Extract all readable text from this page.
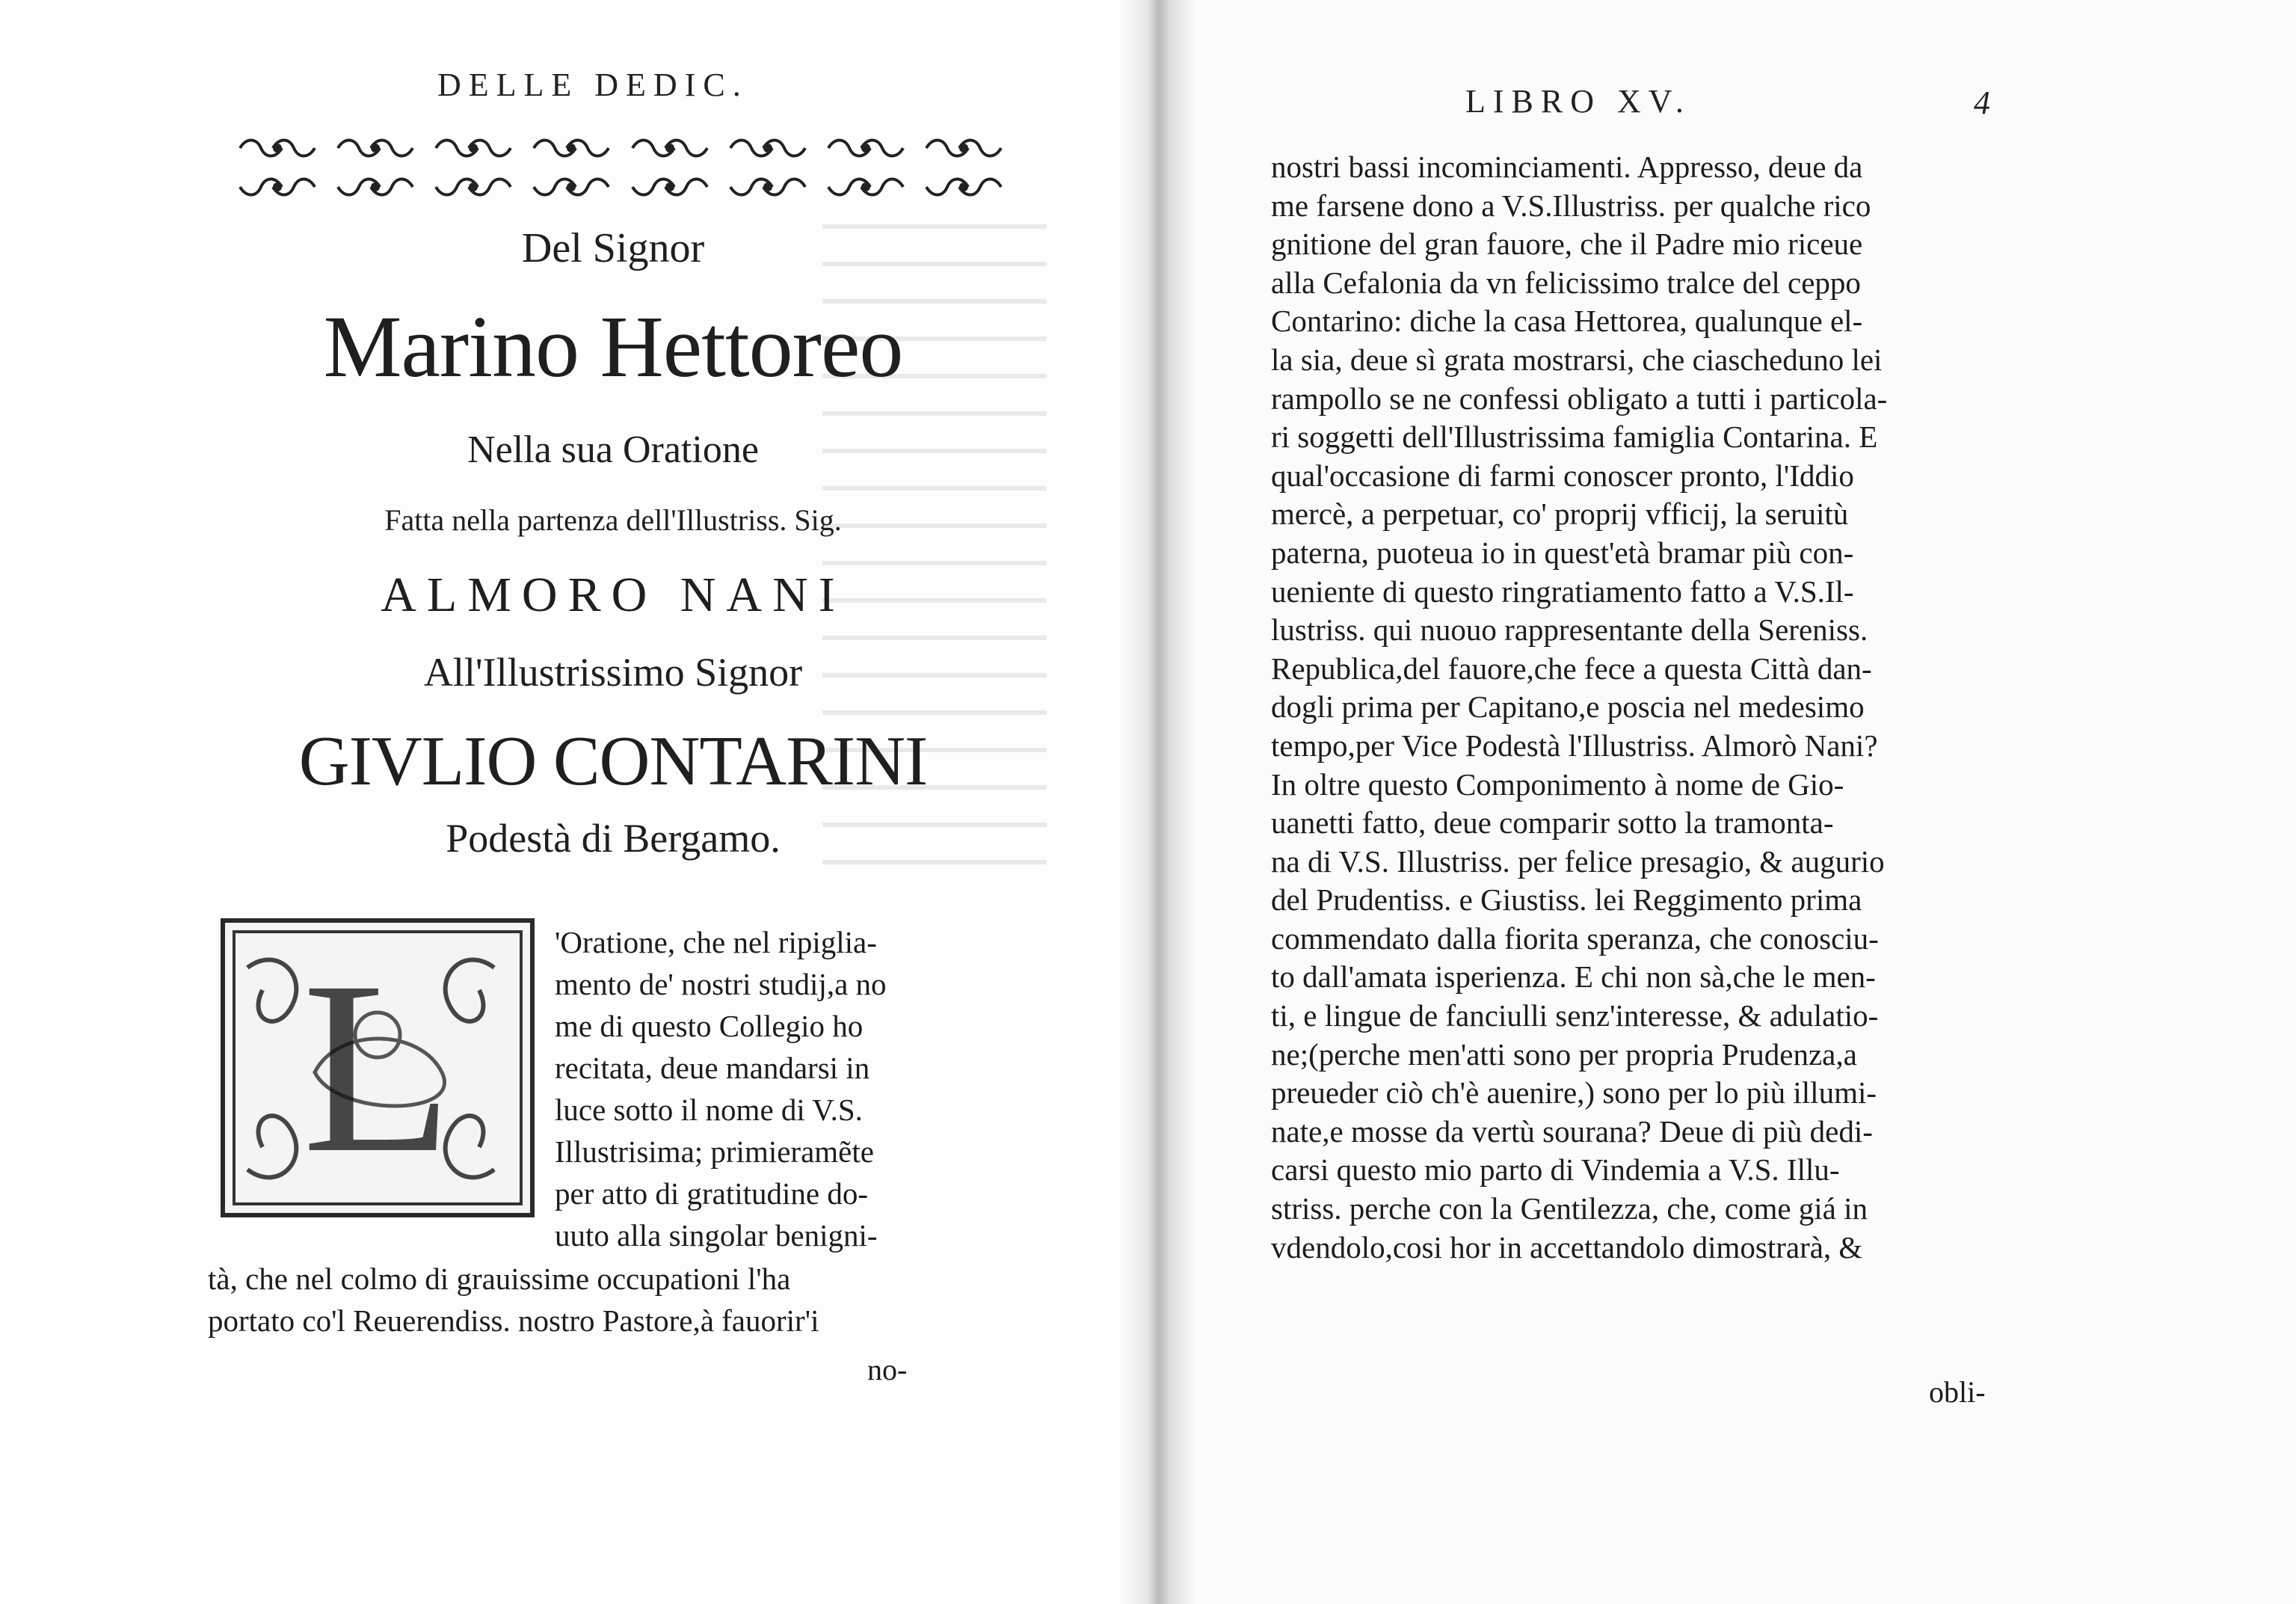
DELLE DEDIC.
Del Signor
Marino Hettoreo
Nella sua Oratione
Fatta nella partenza dell'Illustriss. Sig.
ALMORO NANI
All'Illustrissimo Signor
GIVLIO CONTARINI
Podestà di Bergamo.
L	'Oratione, che nel ripiglia-
mento de' nostri studij,a no
me di questo Collegio ho
recitata, deue mandarsi in
luce sotto il nome di V.S.
Illustrisima; primieramẽte
per atto di gratitudine do-
uuto alla singolar benigni-
tà, che nel colmo di grauissime occupationi l'ha
portato co'l Reuerendiss. nostro Pastore,à fauorir'i
no-
LIBRO XV.	4
nostri bassi incominciamenti. Appresso, deue da
me farsene dono a V.S.Illustriss. per qualche rico
gnitione del gran fauore, che il Padre mio riceue
alla Cefalonia da vn felicissimo tralce del ceppo
Contarino: diche la casa Hettorea, qualunque el-
la sia, deue sì grata mostrarsi, che ciascheduno lei
rampollo se ne confessi obligato a tutti i particola-
ri soggetti dell'Illustrissima famiglia Contarina. E
qual'occasione di farmi conoscer pronto, l'Iddio
mercè, a perpetuar, co' proprij vfficij, la seruitù
paterna, puoteua io in quest'età bramar più con-
ueniente di questo ringratiamento fatto a V.S.Il-
lustriss. qui nuouo rappresentante della Sereniss.
Republica,del fauore,che fece a questa Città dan-
dogli prima per Capitano,e poscia nel medesimo
tempo,per Vice Podestà l'Illustriss. Almorò Nani?
In oltre questo Componimento à nome de Gio-
uanetti fatto, deue comparir sotto la tramonta-
na di V.S. Illustriss. per felice presagio, & augurio
del Prudentiss. e Giustiss. lei Reggimento prima
commendato dalla fiorita speranza, che conosciu-
to dall'amata isperienza. E chi non sà,che le men-
ti, e lingue de fanciulli senz'interesse, & adulatio-
ne;(perche men'atti sono per propria Prudenza,a
preueder ciò ch'è auenire,) sono per lo più illumi-
nate,e mosse da vertù sourana? Deue di più dedi-
carsi questo mio parto di Vindemia a V.S. Illu-
striss. perche con la Gentilezza, che, come giá in
vdendolo,cosi hor in accettandolo dimostrarà, &
obli-
